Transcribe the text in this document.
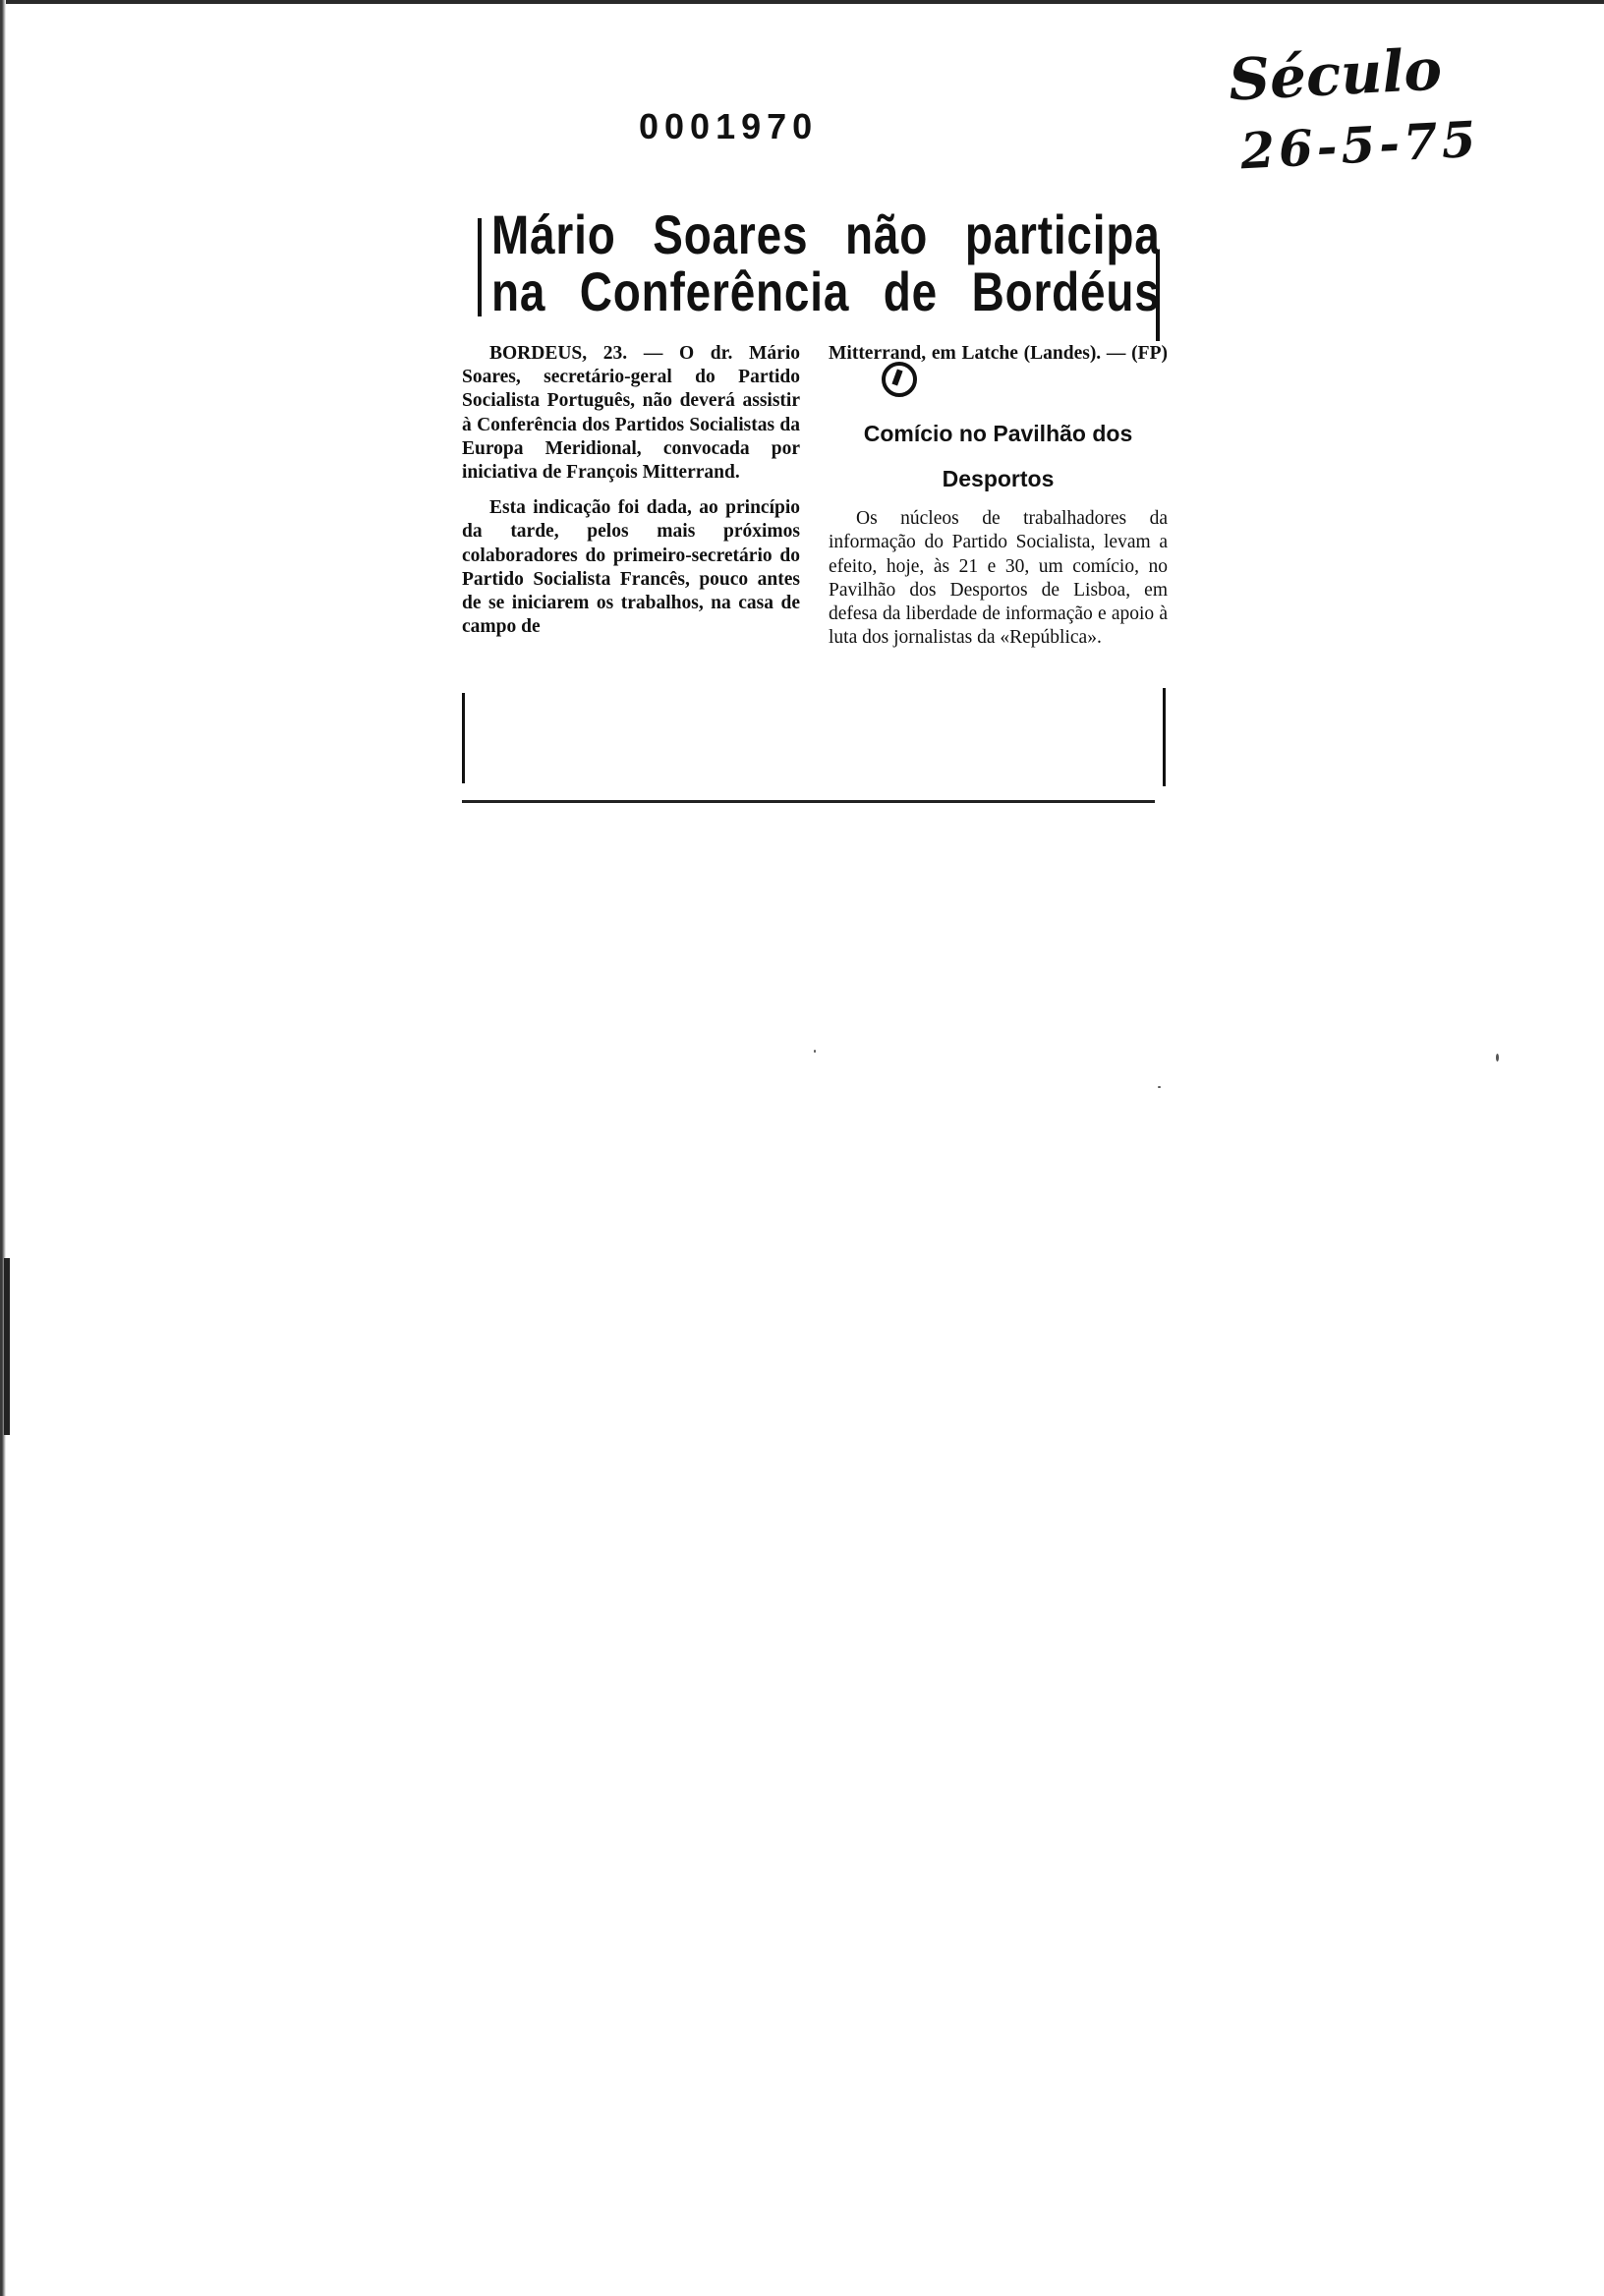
0001970
Século
26-5-75
Mário Soares não participa
na Conferência de Bordéus

BORDEUS, 23. — O dr. Mário Soares, secretário-geral do Partido Socialista Português, não deverá assistir à Conferência dos Partidos Socialistas da Europa Meridional, convocada por iniciativa de François Mitterrand.

Esta indicação foi dada, ao princípio da tarde, pelos mais próximos colaboradores do primeiro-secretário do Partido Socialista Francês, pouco antes de se iniciarem os trabalhos, na casa de campo de

Mitterrand, em Latche (Landes). — (FP)

Comício no Pavilhão dos Desportos

Os núcleos de trabalhadores da informação do Partido Socialista, levam a efeito, hoje, às 21 e 30, um comício, no Pavilhão dos Desportos de Lisboa, em defesa da liberdade de informação e apoio à luta dos jornalistas da «República».
